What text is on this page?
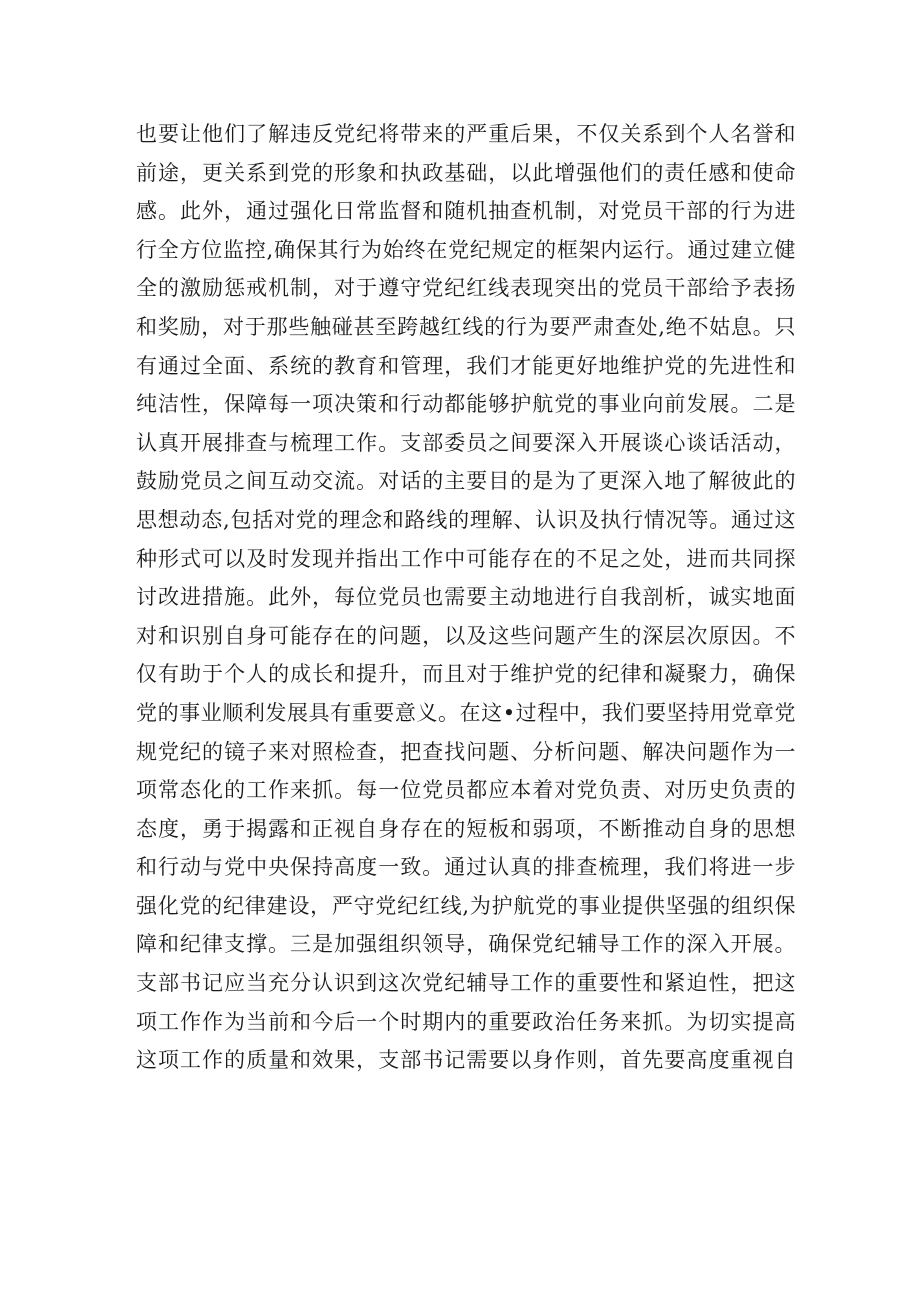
也要让他们了解违反党纪将带来的严重后果，不仅关系到个人名誉和
前途，更关系到党的形象和执政基础，以此增强他们的责任感和使命
感。此外，通过强化日常监督和随机抽查机制，对党员干部的行为进
行全方位监控,确保其行为始终在党纪规定的框架内运行。通过建立健
全的激励惩戒机制，对于遵守党纪红线表现突出的党员干部给予表扬
和奖励，对于那些触碰甚至跨越红线的行为要严肃查处,绝不姑息。只
有通过全面、系统的教育和管理，我们才能更好地维护党的先进性和
纯洁性，保障每一项决策和行动都能够护航党的事业向前发展。二是
认真开展排查与梳理工作。支部委员之间要深入开展谈心谈话活动，
鼓励党员之间互动交流。对话的主要目的是为了更深入地了解彼此的
思想动态,包括对党的理念和路线的理解、认识及执行情况等。通过这
种形式可以及时发现并指出工作中可能存在的不足之处，进而共同探
讨改进措施。此外，每位党员也需要主动地进行自我剖析，诚实地面
对和识别自身可能存在的问题，以及这些问题产生的深层次原因。不
仅有助于个人的成长和提升，而且对于维护党的纪律和凝聚力，确保
党的事业顺利发展具有重要意义。在这•过程中，我们要坚持用党章党
规党纪的镜子来对照检查，把查找问题、分析问题、解决问题作为一
项常态化的工作来抓。每一位党员都应本着对党负责、对历史负责的
态度，勇于揭露和正视自身存在的短板和弱项，不断推动自身的思想
和行动与党中央保持高度一致。通过认真的排查梳理，我们将进一步
强化党的纪律建设，严守党纪红线,为护航党的事业提供坚强的组织保
障和纪律支撑。三是加强组织领导，确保党纪辅导工作的深入开展。
支部书记应当充分认识到这次党纪辅导工作的重要性和紧迫性，把这
项工作作为当前和今后一个时期内的重要政治任务来抓。为切实提高
这项工作的质量和效果，支部书记需要以身作则，首先要高度重视自
